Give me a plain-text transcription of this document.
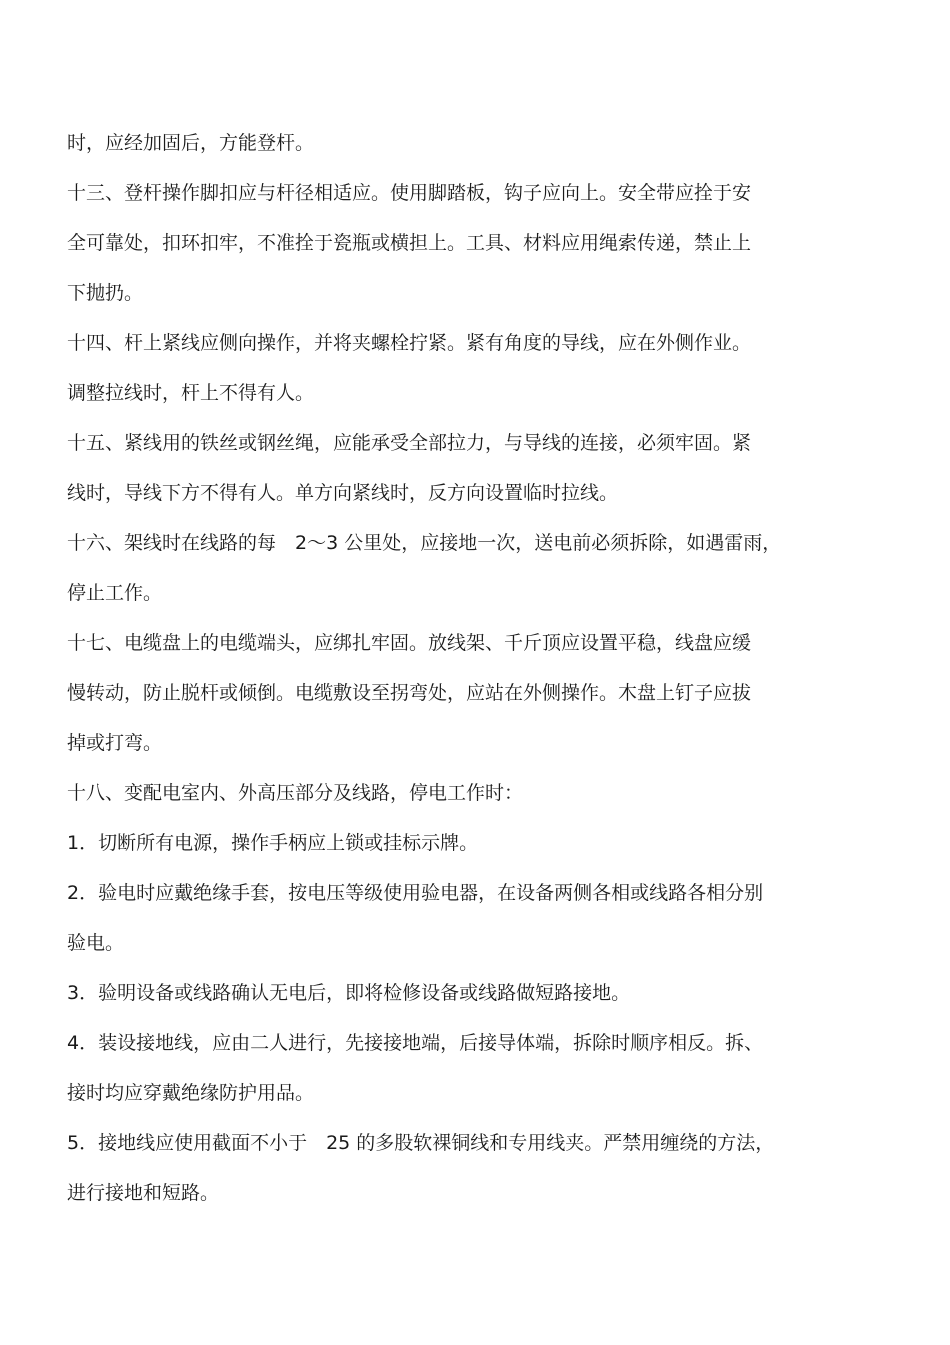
时，应经加固后，方能登杆。
十三、登杆操作脚扣应与杆径相适应。使用脚踏板，钩子应向上。安全带应拴于安
全可靠处，扣环扣牢，不准拴于瓷瓶或横担上。工具、材料应用绳索传递，禁止上
下抛扔。
十四、杆上紧线应侧向操作，并将夹螺栓拧紧。紧有角度的导线，应在外侧作业。
调整拉线时，杆上不得有人。
十五、紧线用的铁丝或钢丝绳，应能承受全部拉力，与导线的连接，必须牢固。紧
线时，导线下方不得有人。单方向紧线时，反方向设置临时拉线。
十六、架线时在线路的每　2～3 公里处，应接地一次，送电前必须拆除，如遇雷雨，
停止工作。
十七、电缆盘上的电缆端头，应绑扎牢固。放线架、千斤顶应设置平稳，线盘应缓
慢转动，防止脱杆或倾倒。电缆敷设至拐弯处，应站在外侧操作。木盘上钉子应拔
掉或打弯。
十八、变配电室内、外高压部分及线路，停电工作时：
1．切断所有电源，操作手柄应上锁或挂标示牌。
2．验电时应戴绝缘手套，按电压等级使用验电器，在设备两侧各相或线路各相分别
验电。
3．验明设备或线路确认无电后，即将检修设备或线路做短路接地。
4．装设接地线，应由二人进行，先接接地端，后接导体端，拆除时顺序相反。拆、
接时均应穿戴绝缘防护用品。
5．接地线应使用截面不小于　25 的多股软裸铜线和专用线夹。严禁用缠绕的方法，
进行接地和短路。
